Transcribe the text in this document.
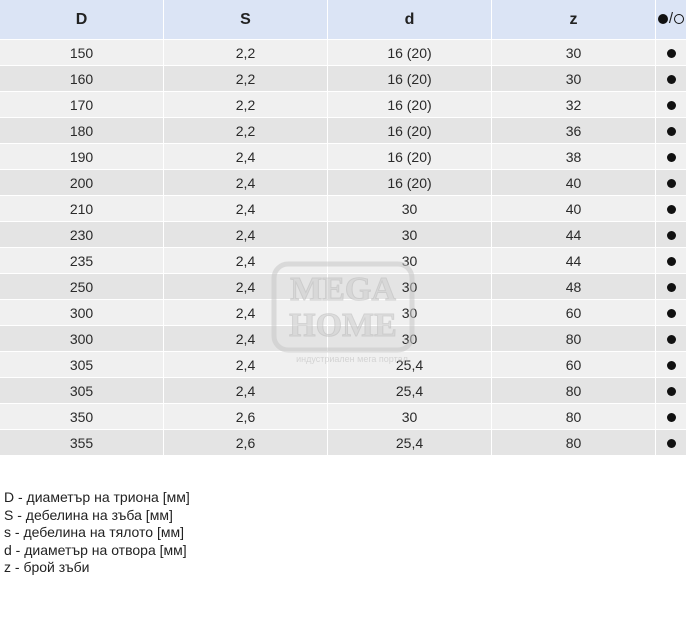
D	S	d	z	/

150	2,2	16 (20)	30	
160	2,2	16 (20)	30	
170	2,2	16 (20)	32	
180	2,2	16 (20)	36	
190	2,4	16 (20)	38	
200	2,4	16 (20)	40	
210	2,4	30	40	
230	2,4	30	44	
235	2,4	30	44	
250	2,4	30	48	
300	2,4	30	60	
300	2,4	30	80	
305	2,4	25,4	60	
305	2,4	25,4	80	
350	2,6	30	80	
355	2,6	25,4	80	
MEGA
HOME
индустриален мега портал
D - диаметър на триона [мм]
S - дебелина на зъба [мм]
s - дебелина на тялото [мм]
d - диаметър на отвора [мм]
z - брой зъби
